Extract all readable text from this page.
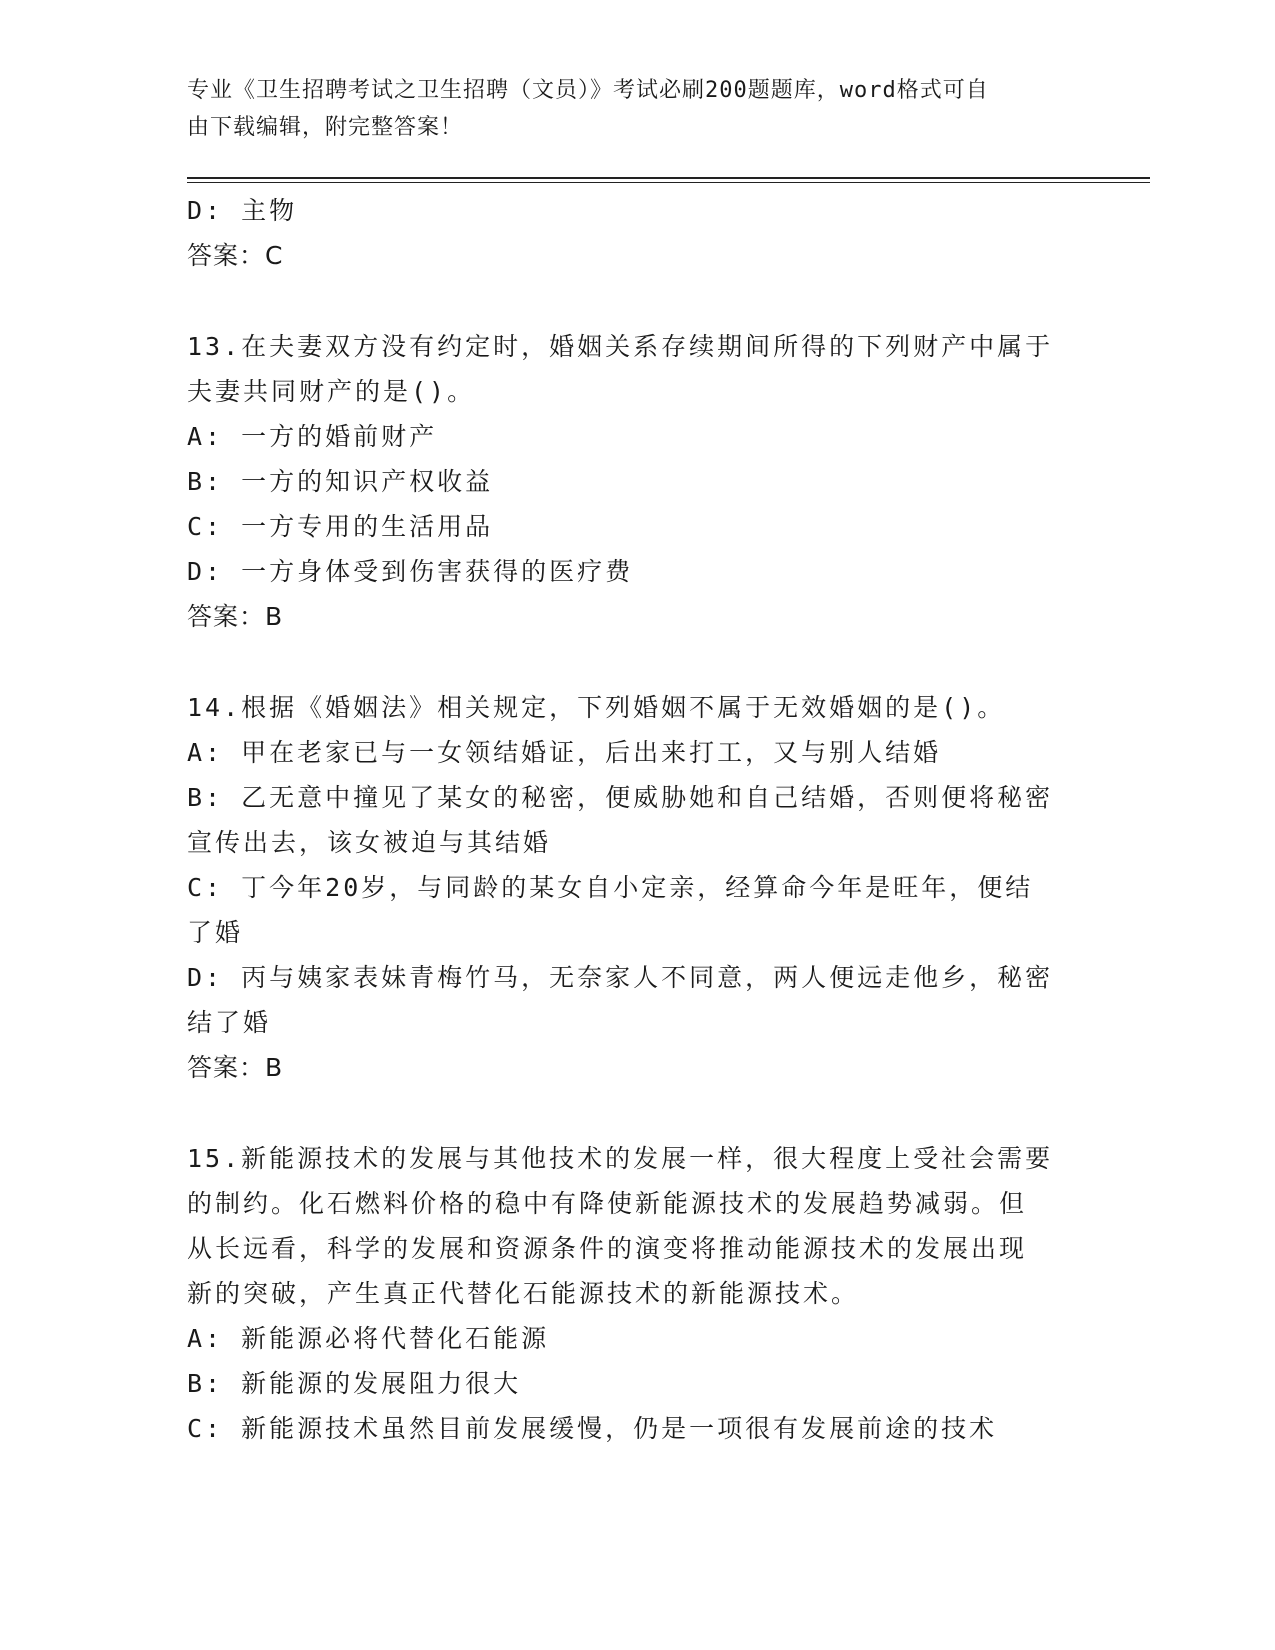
专业《卫生招聘考试之卫生招聘（文员）》考试必刷200题题库，word格式可自
由下载编辑，附完整答案！
D: 主物
答案：C
13.在夫妻双方没有约定时，婚姻关系存续期间所得的下列财产中属于
夫妻共同财产的是()。
A: 一方的婚前财产
B: 一方的知识产权收益
C: 一方专用的生活用品
D: 一方身体受到伤害获得的医疗费
答案：B
14.根据《婚姻法》相关规定，下列婚姻不属于无效婚姻的是()。
A: 甲在老家已与一女领结婚证，后出来打工，又与别人结婚
B: 乙无意中撞见了某女的秘密，便威胁她和自己结婚，否则便将秘密
宣传出去，该女被迫与其结婚
C: 丁今年20岁，与同龄的某女自小定亲，经算命今年是旺年，便结
了婚
D: 丙与姨家表妹青梅竹马，无奈家人不同意，两人便远走他乡，秘密
结了婚
答案：B
15.新能源技术的发展与其他技术的发展一样，很大程度上受社会需要
的制约。化石燃料价格的稳中有降使新能源技术的发展趋势减弱。但
从长远看，科学的发展和资源条件的演变将推动能源技术的发展出现
新的突破，产生真正代替化石能源技术的新能源技术。
A: 新能源必将代替化石能源
B: 新能源的发展阻力很大
C: 新能源技术虽然目前发展缓慢，仍是一项很有发展前途的技术
